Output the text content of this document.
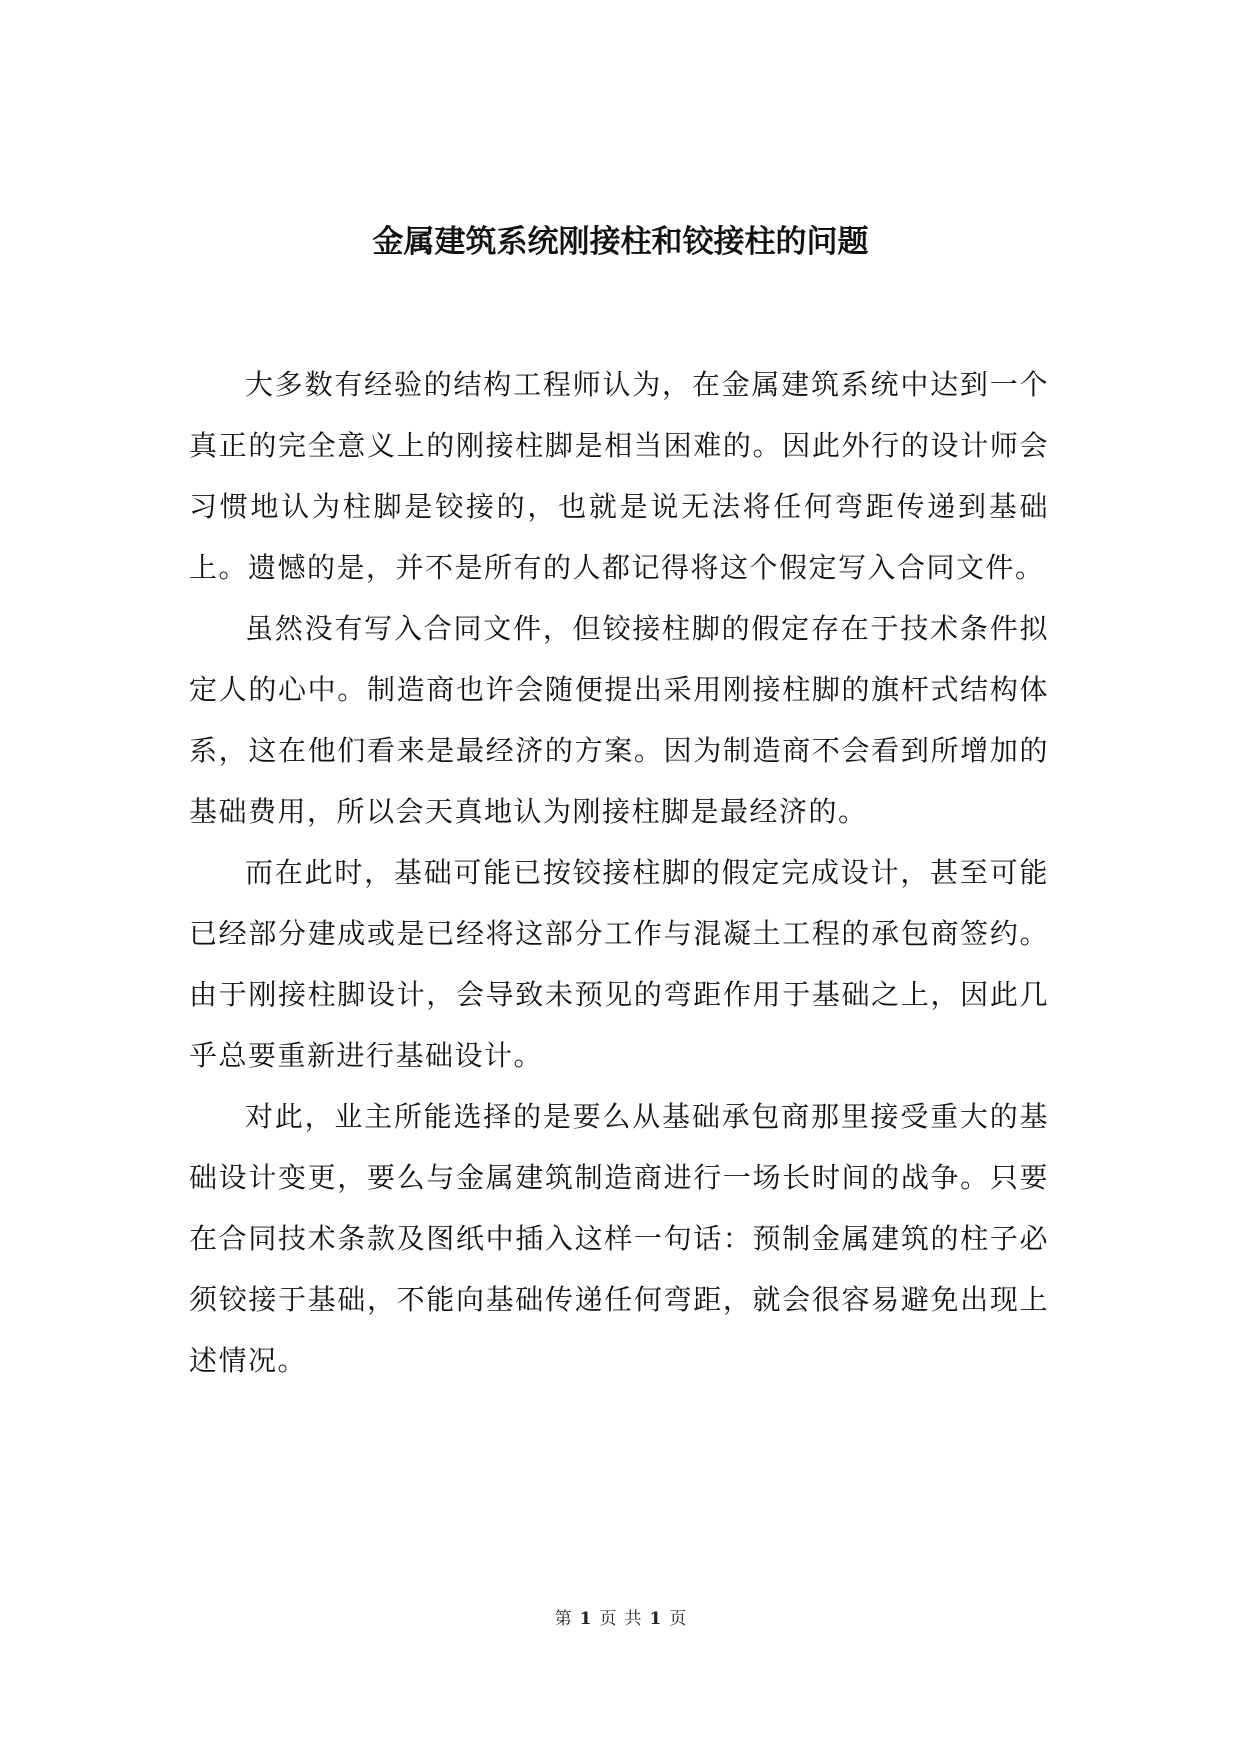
金属建筑系统刚接柱和铰接柱的问题

大多数有经验的结构工程师认为，在金属建筑系统中达到一个真正的完全意义上的刚接柱脚是相当困难的。因此外行的设计师会习惯地认为柱脚是铰接的，也就是说无法将任何弯距传递到基础上。遗憾的是，并不是所有的人都记得将这个假定写入合同文件。

虽然没有写入合同文件，但铰接柱脚的假定存在于技术条件拟定人的心中。制造商也许会随便提出采用刚接柱脚的旗杆式结构体系，这在他们看来是最经济的方案。因为制造商不会看到所增加的基础费用，所以会天真地认为刚接柱脚是最经济的。

而在此时，基础可能已按铰接柱脚的假定完成设计，甚至可能已经部分建成或是已经将这部分工作与混凝土工程的承包商签约。由于刚接柱脚设计，会导致未预见的弯距作用于基础之上，因此几乎总要重新进行基础设计。

对此，业主所能选择的是要么从基础承包商那里接受重大的基础设计变更，要么与金属建筑制造商进行一场长时间的战争。只要在合同技术条款及图纸中插入这样一句话：预制金属建筑的柱子必须铰接于基础，不能向基础传递任何弯距，就会很容易避免出现上述情况。

第 1 页 共 1 页
